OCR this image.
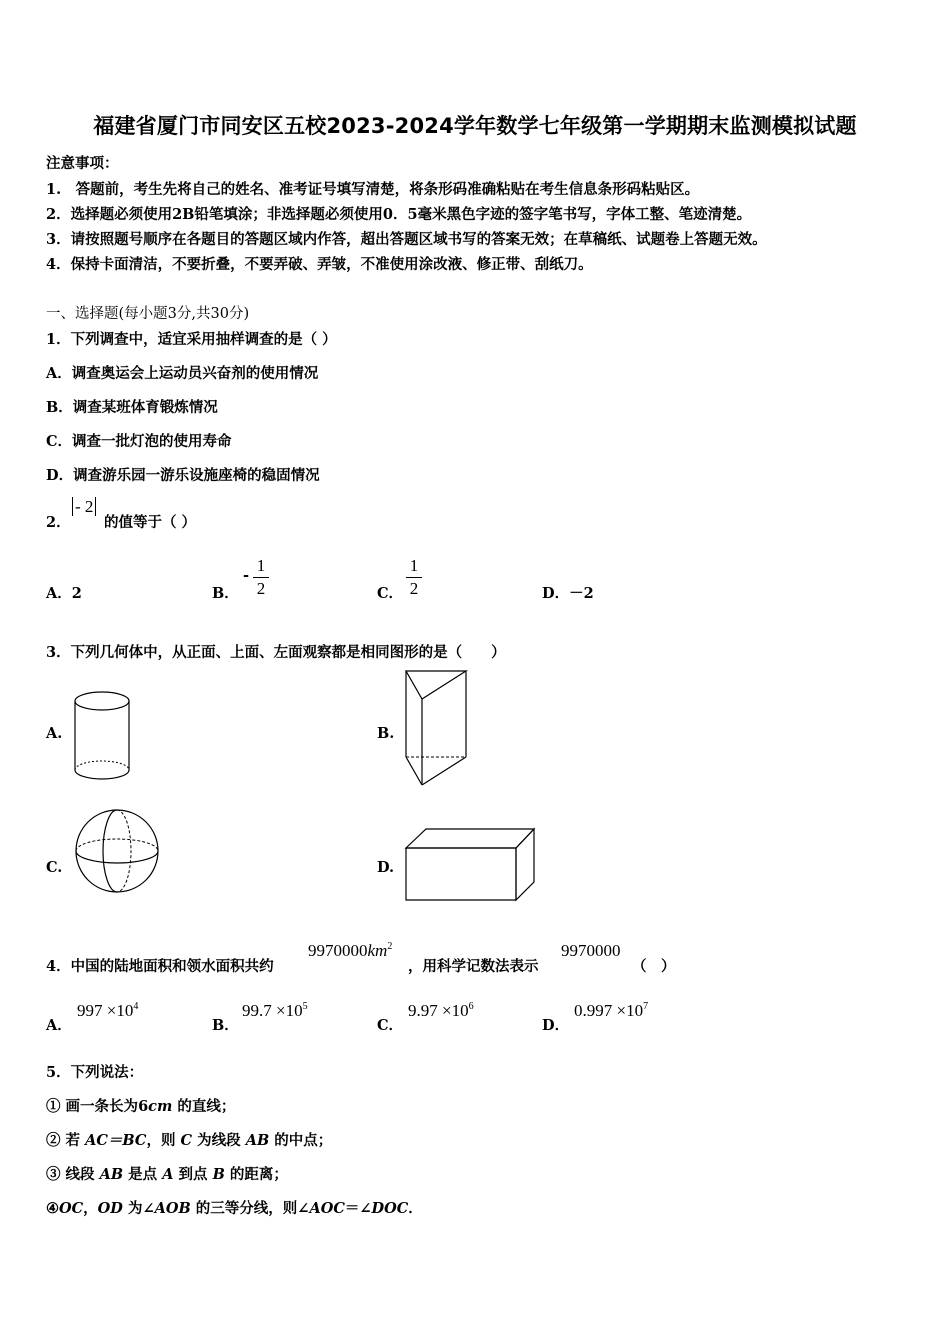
福建省厦门市同安区五校2023-2024学年数学七年级第一学期期末监测模拟试题
注意事项：
1.　答题前，考生先将自己的姓名、准考证号填写清楚，将条形码准确粘贴在考生信息条形码粘贴区。
2．选择题必须使用2B铅笔填涂；非选择题必须使用0．5毫米黑色字迹的签字笔书写，字体工整、笔迹清楚。
3．请按照题号顺序在各题目的答题区域内作答，超出答题区域书写的答案无效；在草稿纸、试题卷上答题无效。
4．保持卡面清洁，不要折叠，不要弄破、弄皱，不准使用涂改液、修正带、刮纸刀。
一、选择题(每小题3分,共30分)
1．下列调查中，适宜采用抽样调查的是（ ）
A．调查奥运会上运动员兴奋剂的使用情况
B．调查某班体育锻炼情况
C．调查一批灯泡的使用寿命
D．调查游乐园一游乐设施座椅的稳固情况
2．
- 2
的值等于（ ）
A．2	B．
-
1
2	C．
1
2	D．－2
3．下列几何体中，从正面、上面、左面观察都是相同图形的是（　　）
A.	B.
C.	D.
4．中国的陆地面积和领水面积共约
$9970000km^2$
，用科学记数法表示
9970000
（　）
A．
$997 \times 10^4$
B．
$99.7 \times 10^5$
C．
$9.97 \times 10^6$
D．
$0.997 \times 10^7$
5．下列说法：
① 画一条长为6cm 的直线；
② 若 AC＝BC，则 C 为线段 AB 的中点；
③ 线段 AB 是点 A 到点 B 的距离；
④OC，OD 为∠AOB 的三等分线，则∠AOC＝∠DOC．
